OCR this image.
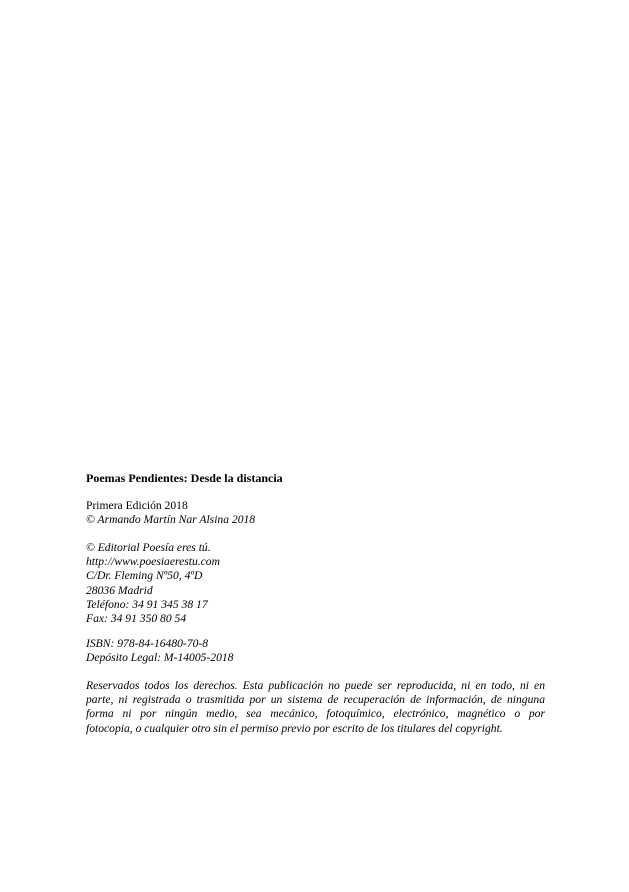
Poemas Pendientes: Desde la distancia
Primera Edición 2018
© Armando Martín Nar Alsina 2018
© Editorial Poesía eres tú.
http://www.poesiaerestu.com
C/Dr. Fleming Nº50, 4ºD
28036 Madrid
Teléfono: 34 91 345 38 17
Fax: 34 91 350 80 54
ISBN: 978-84-16480-70-8
Depósito Legal: M-14005-2018
Reservados todos los derechos. Esta publicación no puede ser reproducida, ni en todo, ni en
parte, ni registrada o trasmitida por un sistema de recuperación de información, de ninguna
forma ni por ningún medio, sea mecánico, fotoquímico, electrónico, magnético o por
fotocopia, o cualquier otro sin el permiso previo por escrito de los titulares del copyright.
